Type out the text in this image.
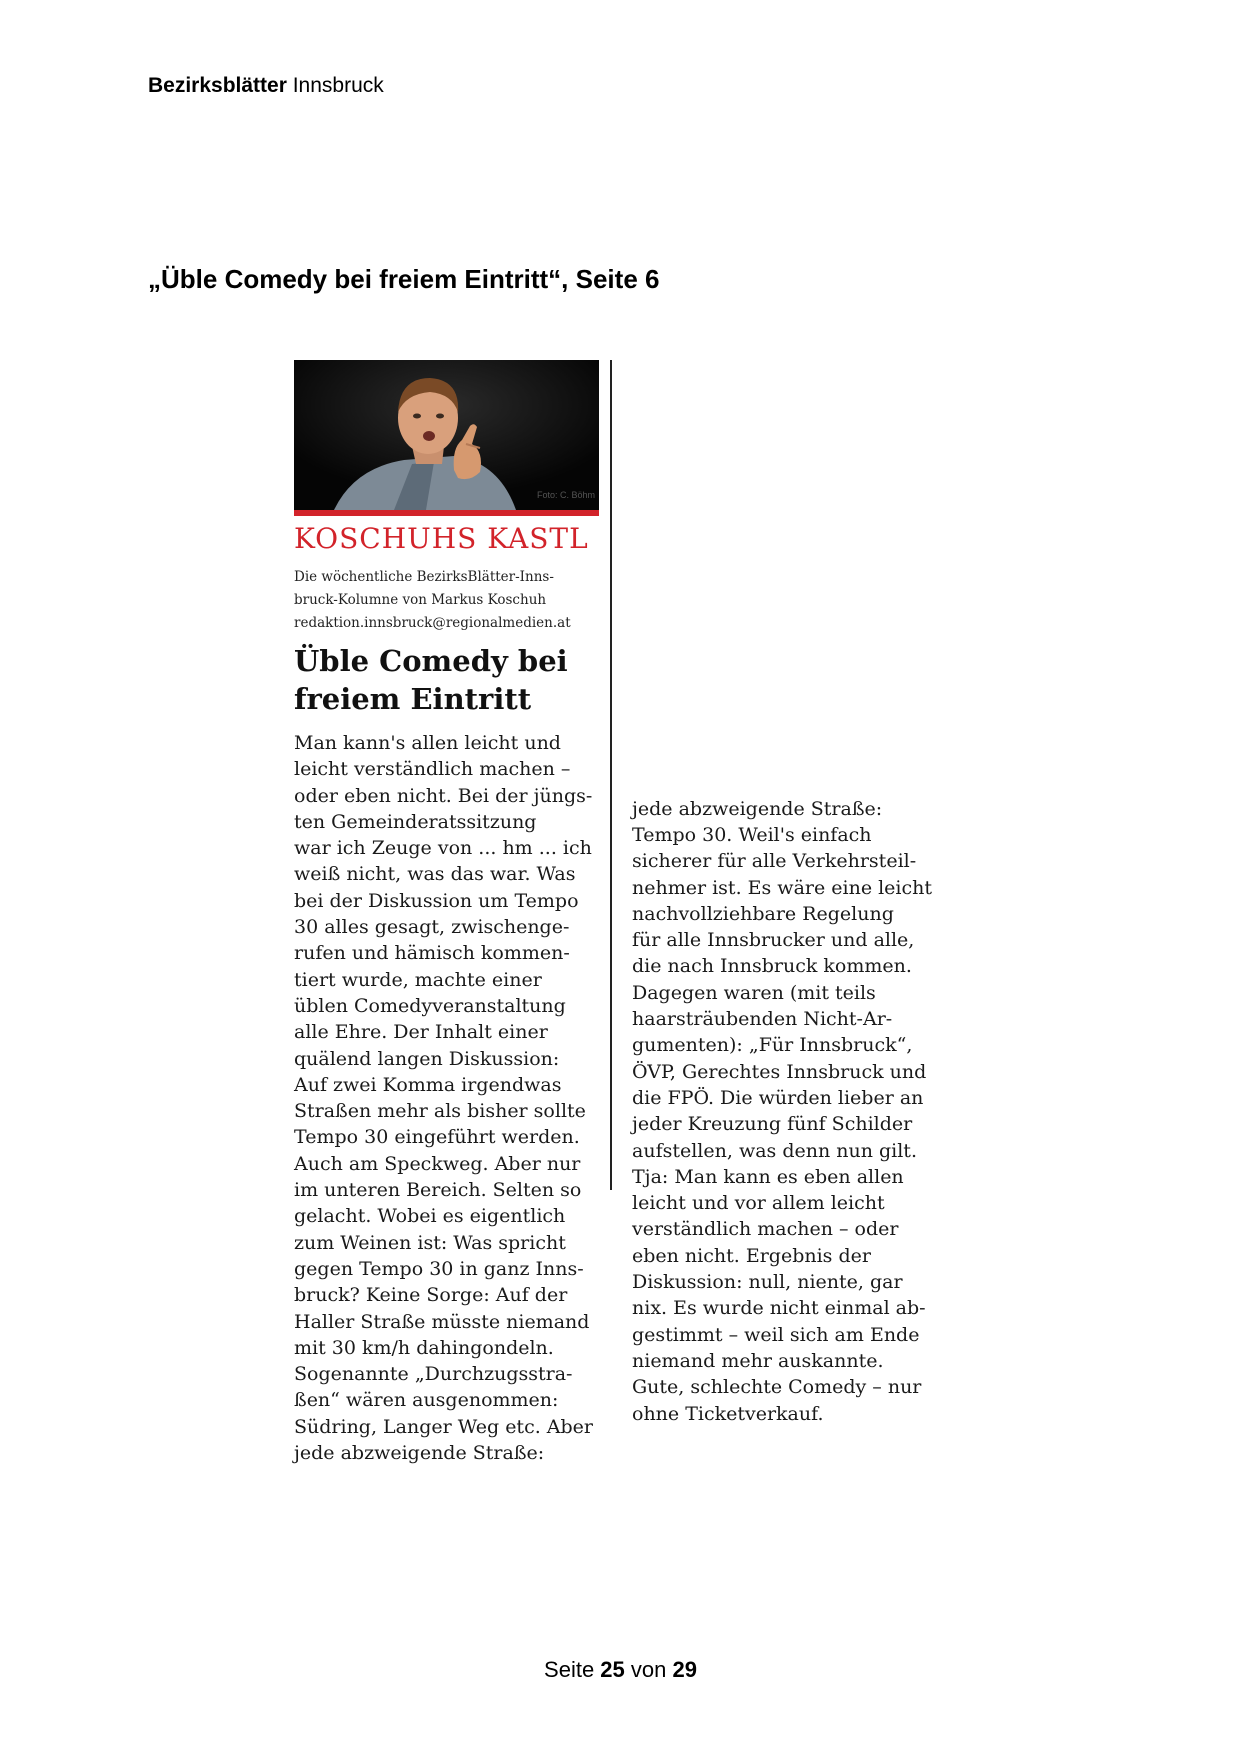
Bezirksblätter Innsbruck
„Üble Comedy bei freiem Eintritt“, Seite 6
Foto: C. Böhm
KOSCHUHS KASTL
Die wöchentliche BezirksBlätter-Inns-
bruck-Kolumne von Markus Koschuh
redaktion.innsbruck@regionalmedien.at
Üble Comedy bei
freiem Eintritt
Man kann's allen leicht und
leicht verständlich machen –
oder eben nicht. Bei der jüngs-
ten Gemeinderatssitzung
war ich Zeuge von ... hm ... ich
weiß nicht, was das war. Was
bei der Diskussion um Tempo
30 alles gesagt, zwischenge-
rufen und hämisch kommen-
tiert wurde, machte einer
üblen Comedyveranstaltung
alle Ehre. Der Inhalt einer
quälend langen Diskussion:
Auf zwei Komma irgendwas
Straßen mehr als bisher sollte
Tempo 30 eingeführt werden.
Auch am Speckweg. Aber nur
im unteren Bereich. Selten so
gelacht. Wobei es eigentlich
zum Weinen ist: Was spricht
gegen Tempo 30 in ganz Inns-
bruck? Keine Sorge: Auf der
Haller Straße müsste niemand
mit 30 km/h dahingondeln.
Sogenannte „Durchzugsstra-
ßen“ wären ausgenommen:
Südring, Langer Weg etc. Aber
jede abzweigende Straße:
jede abzweigende Straße:
Tempo 30. Weil's einfach
sicherer für alle Verkehrsteil-
nehmer ist. Es wäre eine leicht
nachvollziehbare Regelung
für alle Innsbrucker und alle,
die nach Innsbruck kommen.
Dagegen waren (mit teils
haarsträubenden Nicht-Ar-
gumenten): „Für Innsbruck“,
ÖVP, Gerechtes Innsbruck und
die FPÖ. Die würden lieber an
jeder Kreuzung fünf Schilder
aufstellen, was denn nun gilt.
Tja: Man kann es eben allen
leicht und vor allem leicht
verständlich machen – oder
eben nicht. Ergebnis der
Diskussion: null, niente, gar
nix. Es wurde nicht einmal ab-
gestimmt – weil sich am Ende
niemand mehr auskannte.
Gute, schlechte Comedy – nur
ohne Ticketverkauf.
Seite 25 von 29
